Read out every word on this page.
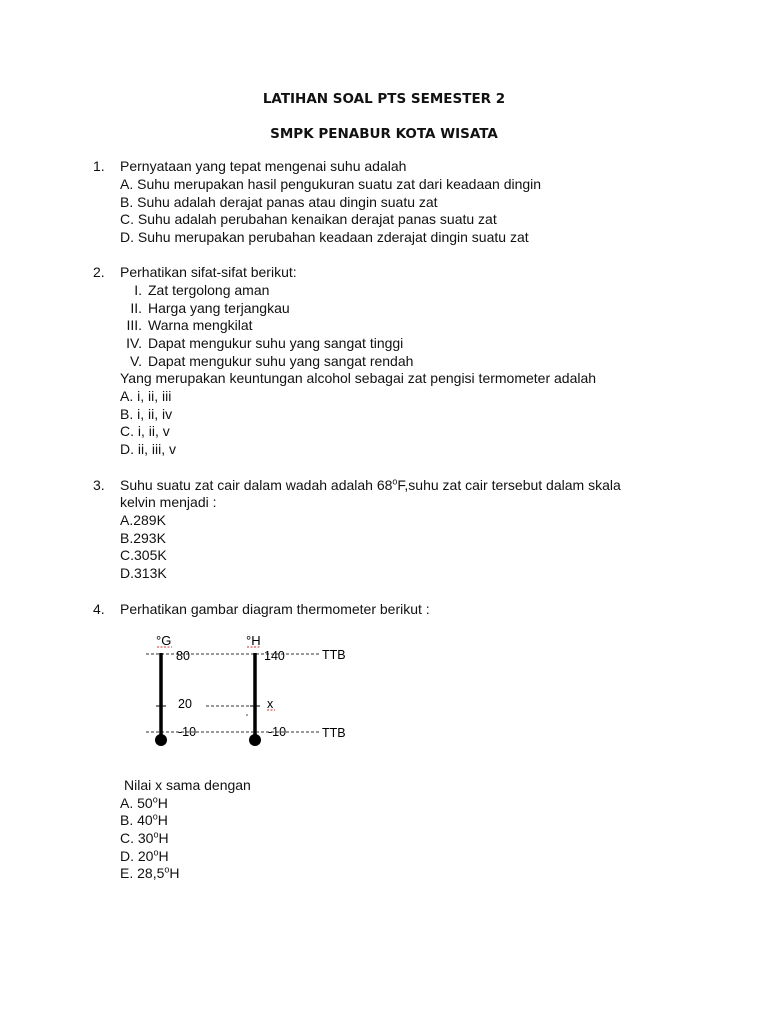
LATIHAN SOAL PTS SEMESTER 2
SMPK PENABUR KOTA WISATA
1. Pernyataan yang tepat mengenai suhu adalah
A. Suhu merupakan hasil pengukuran suatu zat dari keadaan dingin
B. Suhu adalah derajat panas atau dingin suatu zat
C. Suhu adalah perubahan kenaikan derajat panas suatu zat
D. Suhu merupakan perubahan keadaan zderajat dingin suatu zat
2. Perhatikan sifat-sifat berikut:
I. Zat tergolong aman
II. Harga yang terjangkau
III. Warna mengkilat
IV. Dapat mengukur suhu yang sangat tinggi
V. Dapat mengukur suhu yang sangat rendah
Yang merupakan keuntungan alcohol sebagai zat pengisi termometer adalah
A. i, ii, iii
B. i, ii, iv
C. i, ii, v
D. ii, iii, v
3. Suhu suatu zat cair dalam wadah adalah 68$^o$F,suhu zat cair tersebut dalam skala
kelvin menjadi :
A.289K
B.293K
C.305K
D.313K
4. Perhatikan gambar diagram thermometer berikut :
°G	°H
80
20
-10
140
x
-10
TTB
TTB
Nilai x sama dengan
A. 50$^o$H
B. 40$^o$H
C. 30$^o$H
D. 20$^o$H
E. 28,5$^o$H
